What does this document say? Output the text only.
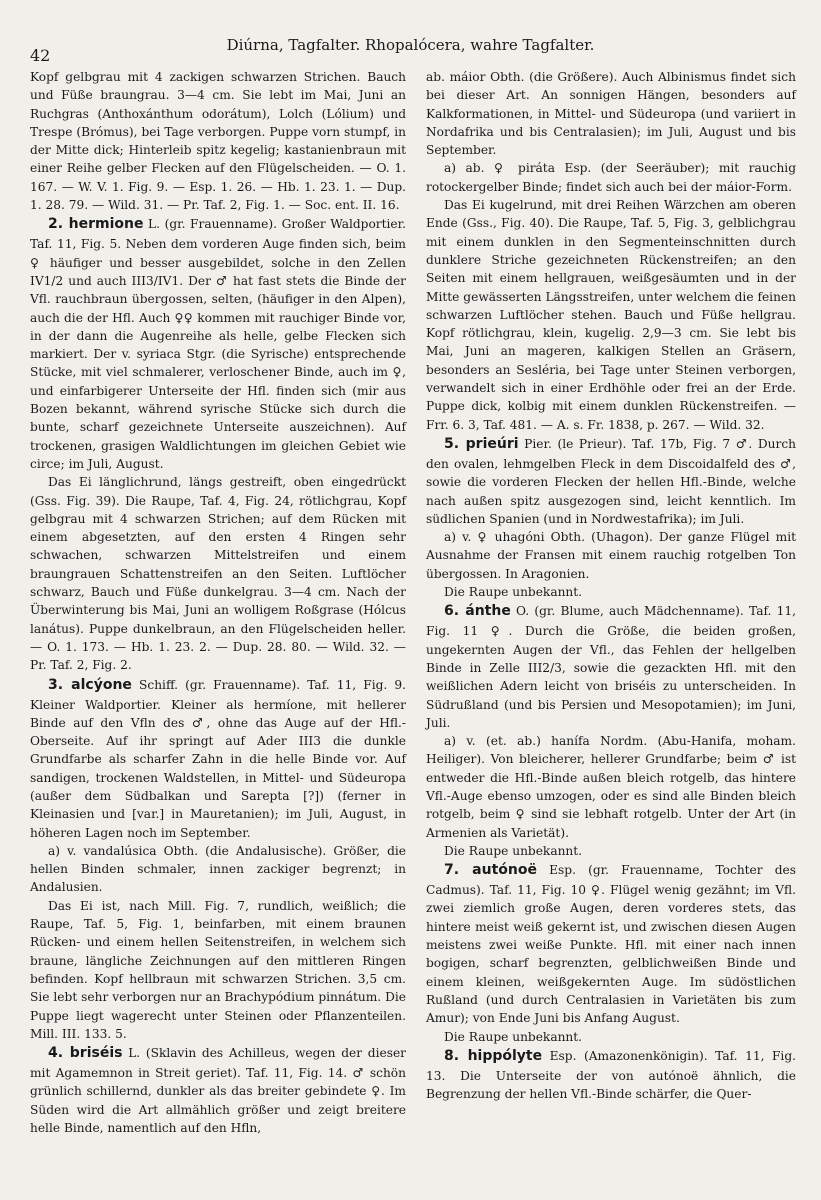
42
Diúrna, Tagfalter. Rhopalócera, wahre Tagfalter.

Kopf gelbgrau mit 4 zackigen schwarzen Strichen. Bauch und Füße braungrau. 3—4 cm. Sie lebt im Mai, Juni an Ruchgras (Anthoxánthum odorátum), Lolch (Lólium) und Trespe (Brómus), bei Tage verborgen. Puppe vorn stumpf, in der Mitte dick; Hinterleib spitz kegelig; kastanienbraun mit einer Reihe gelber Flecken auf den Flügelscheiden. — O. 1. 167. — W. V. 1. Fig. 9. — Esp. 1. 26. — Hb. 1. 23. 1. — Dup. 1. 28. 79. — Wild. 31. — Pr. Taf. 2, Fig. 1. — Soc. ent. II. 16.

2. hermione L. (gr. Frauenname). Großer Waldportier. Taf. 11, Fig. 5. Neben dem vorderen Auge finden sich, beim ♀ häufiger und besser ausgebildet, solche in den Zellen IV1/2 und auch III3/IV1. Der ♂ hat fast stets die Binde der Vfl. rauchbraun übergossen, selten, (häufiger in den Alpen), auch die der Hfl. Auch ♀♀ kommen mit rauchiger Binde vor, in der dann die Augenreihe als helle, gelbe Flecken sich markiert. Der v. syriaca Stgr. (die Syrische) entsprechende Stücke, mit viel schmalerer, verloschener Binde, auch im ♀, und einfarbigerer Unterseite der Hfl. finden sich (mir aus Bozen bekannt, während syrische Stücke sich durch die bunte, scharf gezeichnete Unterseite auszeichnen). Auf trockenen, grasigen Waldlichtungen im gleichen Gebiet wie circe; im Juli, August.

Das Ei länglichrund, längs gestreift, oben eingedrückt (Gss. Fig. 39). Die Raupe, Taf. 4, Fig. 24, rötlichgrau, Kopf gelbgrau mit 4 schwarzen Strichen; auf dem Rücken mit einem abgesetzten, auf den ersten 4 Ringen sehr schwachen, schwarzen Mittelstreifen und einem braungrauen Schattenstreifen an den Seiten. Luftlöcher schwarz, Bauch und Füße dunkelgrau. 3—4 cm. Nach der Überwinterung bis Mai, Juni an wolligem Roßgrase (Hólcus lanátus). Puppe dunkelbraun, an den Flügelscheiden heller. — O. 1. 173. — Hb. 1. 23. 2. — Dup. 28. 80. — Wild. 32. — Pr. Taf. 2, Fig. 2.

3. alcýone Schiff. (gr. Frauenname). Taf. 11, Fig. 9. Kleiner Waldportier. Kleiner als hermíone, mit hellerer Binde auf den Vfln des ♂, ohne das Auge auf der Hfl.-Oberseite. Auf ihr springt auf Ader III3 die dunkle Grundfarbe als scharfer Zahn in die helle Binde vor. Auf sandigen, trockenen Waldstellen, in Mittel- und Südeuropa (außer dem Südbalkan und Sarepta [?]) (ferner in Kleinasien und [var.] in Mauretanien); im Juli, August, in höheren Lagen noch im September.

a) v. vandalúsica Obth. (die Andalusische). Größer, die hellen Binden schmaler, innen zackiger begrenzt; in Andalusien.

Das Ei ist, nach Mill. Fig. 7, rundlich, weißlich; die Raupe, Taf. 5, Fig. 1, beinfarben, mit einem braunen Rücken- und einem hellen Seitenstreifen, in welchem sich braune, längliche Zeichnungen auf den mittleren Ringen befinden. Kopf hellbraun mit schwarzen Strichen. 3,5 cm. Sie lebt sehr verborgen nur an Brachypódium pinnátum. Die Puppe liegt wagerecht unter Steinen oder Pflanzenteilen. Mill. III. 133. 5.

4. briséis L. (Sklavin des Achilleus, wegen der dieser mit Agamemnon in Streit geriet). Taf. 11, Fig. 14. ♂ schön grünlich schillernd, dunkler als das breiter gebindete ♀. Im Süden wird die Art allmählich größer und zeigt breitere helle Binde, namentlich auf den Hfln,

ab. máior Obth. (die Größere). Auch Albinismus findet sich bei dieser Art. An sonnigen Hängen, besonders auf Kalkformationen, in Mittel- und Südeuropa (und variiert in Nordafrika und bis Centralasien); im Juli, August und bis September.

a) ab. ♀ piráta Esp. (der Seeräuber); mit rauchig rotockergelber Binde; findet sich auch bei der máior-Form.

Das Ei kugelrund, mit drei Reihen Wärzchen am oberen Ende (Gss., Fig. 40). Die Raupe, Taf. 5, Fig. 3, gelblichgrau mit einem dunklen in den Segmenteinschnitten durch dunklere Striche gezeichneten Rückenstreifen; an den Seiten mit einem hellgrauen, weißgesäumten und in der Mitte gewässerten Längsstreifen, unter welchem die feinen schwarzen Luftlöcher stehen. Bauch und Füße hellgrau. Kopf rötlichgrau, klein, kugelig. 2,9—3 cm. Sie lebt bis Mai, Juni an mageren, kalkigen Stellen an Gräsern, besonders an Sesléria, bei Tage unter Steinen verborgen, verwandelt sich in einer Erdhöhle oder frei an der Erde. Puppe dick, kolbig mit einem dunklen Rückenstreifen. — Frr. 6. 3, Taf. 481. — A. s. Fr. 1838, p. 267. — Wild. 32.

5. prieúri Pier. (le Prieur). Taf. 17b, Fig. 7 ♂. Durch den ovalen, lehmgelben Fleck in dem Discoidalfeld des ♂, sowie die vorderen Flecken der hellen Hfl.-Binde, welche nach außen spitz ausgezogen sind, leicht kenntlich. Im südlichen Spanien (und in Nordwestafrika); im Juli.

a) v. ♀ uhagóni Obth. (Uhagon). Der ganze Flügel mit Ausnahme der Fransen mit einem rauchig rotgelben Ton übergossen. In Aragonien.

Die Raupe unbekannt.

6. ánthe O. (gr. Blume, auch Mädchenname). Taf. 11, Fig. 11 ♀. Durch die Größe, die beiden großen, ungekernten Augen der Vfl., das Fehlen der hellgelben Binde in Zelle III2/3, sowie die gezackten Hfl. mit den weißlichen Adern leicht von briséis zu unterscheiden. In Südrußland (und bis Persien und Mesopotamien); im Juni, Juli.

a) v. (et. ab.) hanífa Nordm. (Abu-Hanifa, moham. Heiliger). Von bleicherer, hellerer Grundfarbe; beim ♂ ist entweder die Hfl.-Binde außen bleich rotgelb, das hintere Vfl.-Auge ebenso umzogen, oder es sind alle Binden bleich rotgelb, beim ♀ sind sie lebhaft rotgelb. Unter der Art (in Armenien als Varietät).

Die Raupe unbekannt.

7. autónoë Esp. (gr. Frauenname, Tochter des Cadmus). Taf. 11, Fig. 10 ♀. Flügel wenig gezähnt; im Vfl. zwei ziemlich große Augen, deren vorderes stets, das hintere meist weiß gekernt ist, und zwischen diesen Augen meistens zwei weiße Punkte. Hfl. mit einer nach innen bogigen, scharf begrenzten, gelblichweißen Binde und einem kleinen, weißgekernten Auge. Im südöstlichen Rußland (und durch Centralasien in Varietäten bis zum Amur); von Ende Juni bis Anfang August.

Die Raupe unbekannt.

8. hippólyte Esp. (Amazonenkönigin). Taf. 11, Fig. 13. Die Unterseite der von autónoë ähnlich, die Begrenzung der hellen Vfl.-Binde schärfer, die Quer-
